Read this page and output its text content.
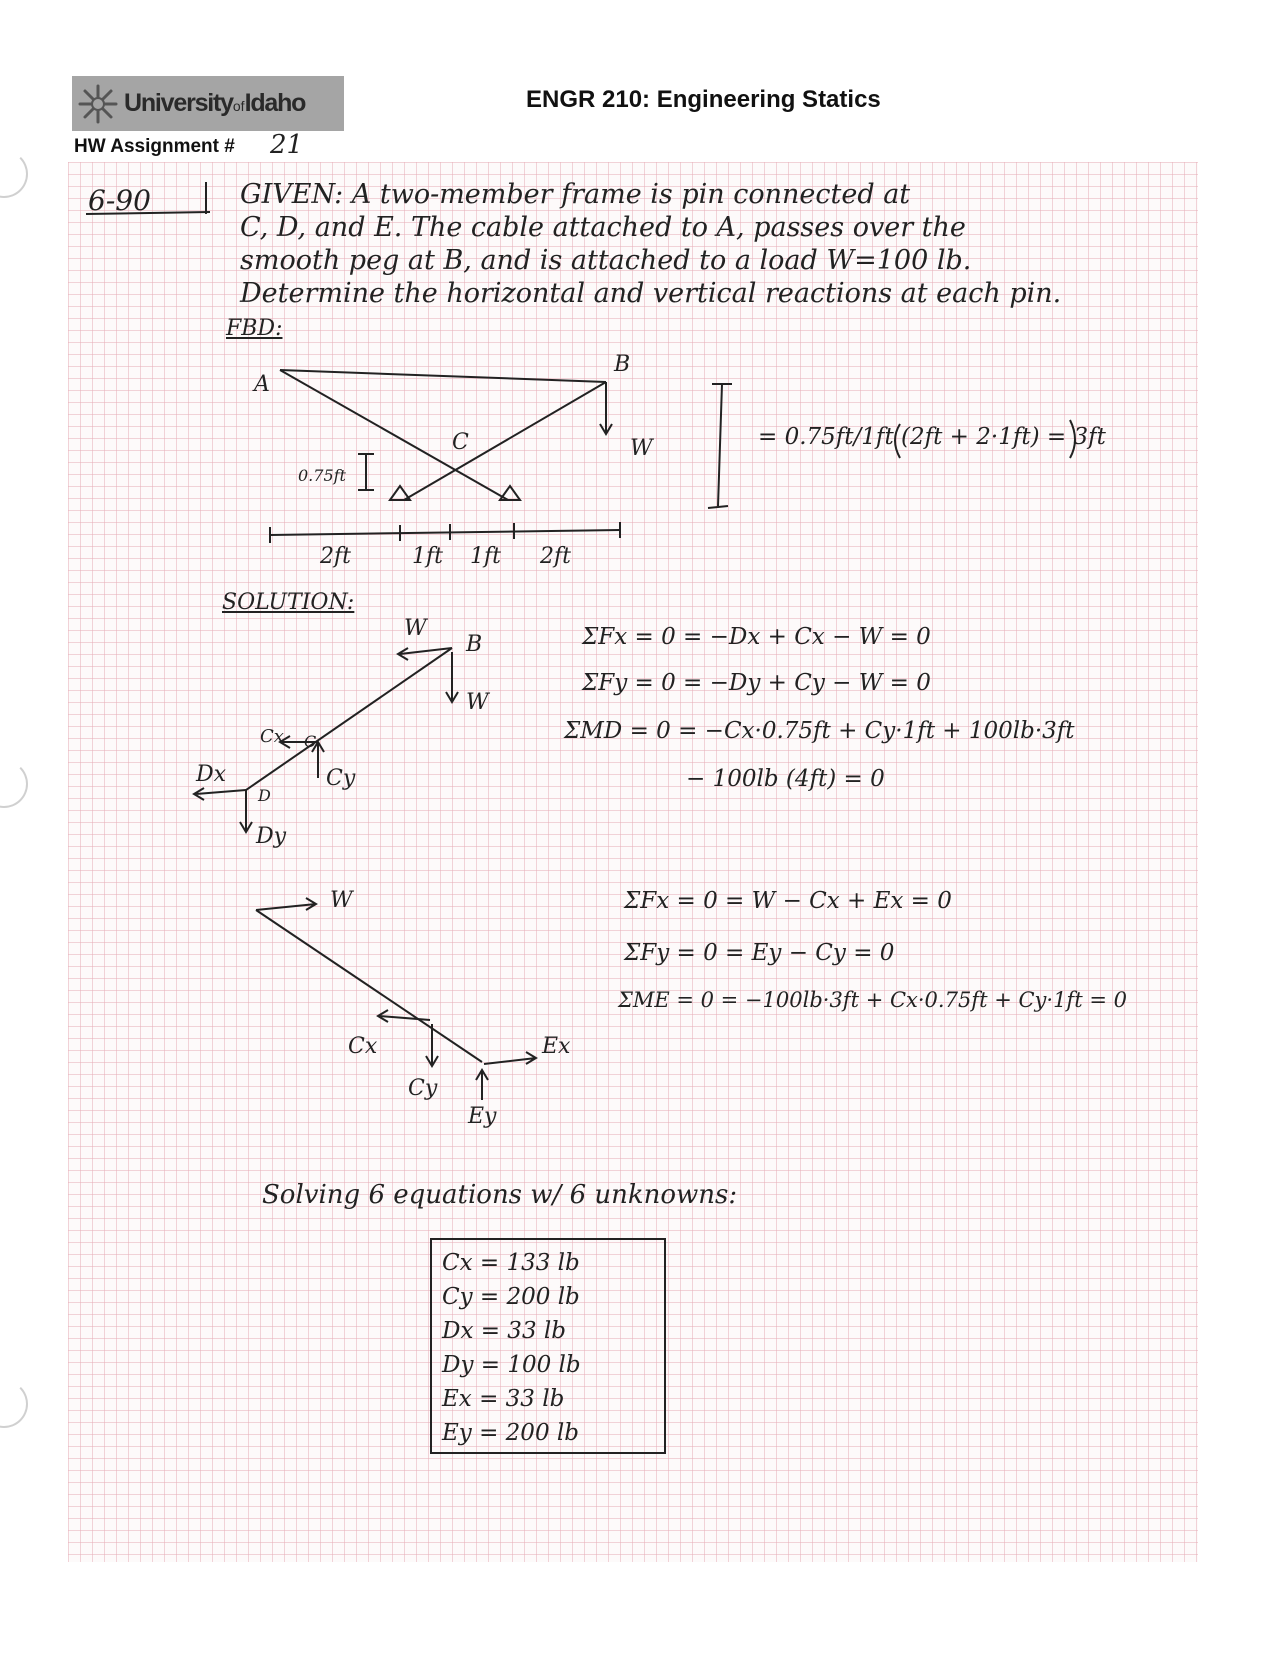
UniversityofIdaho	ENGR 210: Engineering Statics
HW Assignment # 21
6-90	GIVEN: A two-member frame is pin connected at
C, D, and E. The cable attached to A, passes over the
smooth peg at B, and is attached to a load W=100 lb.
Determine the horizontal and vertical reactions at each pin.
FBD:
A
B
C	W
0.75ft
2ft	1ft 1ft 2ft
= 0.75ft/1ft (2ft + 2·1ft) = 3ft
SOLUTION:
W
B
W
Cx C
Cy
Dx
D
Dy
ΣFx = 0 = −Dx + Cx − W = 0
ΣFy = 0 = −Dy + Cy − W = 0
ΣMD = 0 = −Cx·0.75ft + Cy·1ft + 100lb·3ft
− 100lb (4ft) = 0
W
Cx
Cy
Ex
Ey
ΣFx = 0 = W − Cx + Ex = 0
ΣFy = 0 = Ey − Cy = 0
ΣME = 0 = −100lb·3ft + Cx·0.75ft + Cy·1ft = 0
Solving 6 equations w/ 6 unknowns:
Cx = 133 lb
Cy = 200 lb
Dx = 33 lb
Dy = 100 lb
Ex = 33 lb
Ey = 200 lb
